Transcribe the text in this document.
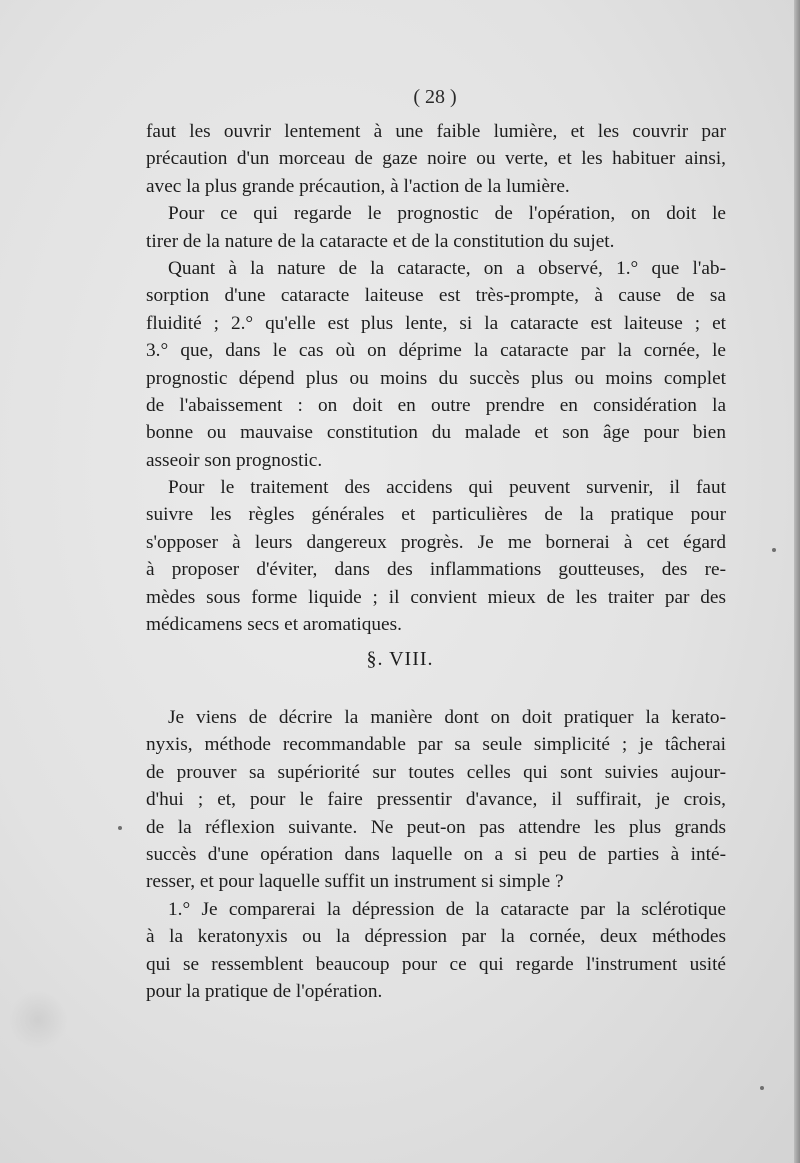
( 28 )
faut les ouvrir lentement à une faible lumière, et les couvrir par
précaution d'un morceau de gaze noire ou verte, et les habituer ainsi,
avec la plus grande précaution, à l'action de la lumière.
Pour ce qui regarde le prognostic de l'opération, on doit le
tirer de la nature de la cataracte et de la constitution du sujet.
Quant à la nature de la cataracte, on a observé, 1.° que l'ab-
sorption d'une cataracte laiteuse est très-prompte, à cause de sa
fluidité ; 2.° qu'elle est plus lente, si la cataracte est laiteuse ; et
3.° que, dans le cas où on déprime la cataracte par la cornée, le
prognostic dépend plus ou moins du succès plus ou moins complet
de l'abaissement : on doit en outre prendre en considération la
bonne ou mauvaise constitution du malade et son âge pour bien
asseoir son prognostic.
Pour le traitement des accidens qui peuvent survenir, il faut
suivre les règles générales et particulières de la pratique pour
s'opposer à leurs dangereux progrès. Je me bornerai à cet égard
à proposer d'éviter, dans des inflammations goutteuses, des re-
mèdes sous forme liquide ; il convient mieux de les traiter par des
médicamens secs et aromatiques.
§. VIII.
Je viens de décrire la manière dont on doit pratiquer la kerato-
nyxis, méthode recommandable par sa seule simplicité ; je tâcherai
de prouver sa supériorité sur toutes celles qui sont suivies aujour-
d'hui ; et, pour le faire pressentir d'avance, il suffirait, je crois,
de la réflexion suivante. Ne peut-on pas attendre les plus grands
succès d'une opération dans laquelle on a si peu de parties à inté-
resser, et pour laquelle suffit un instrument si simple ?
1.° Je comparerai la dépression de la cataracte par la sclérotique
à la keratonyxis ou la dépression par la cornée, deux méthodes
qui se ressemblent beaucoup pour ce qui regarde l'instrument usité
pour la pratique de l'opération.
